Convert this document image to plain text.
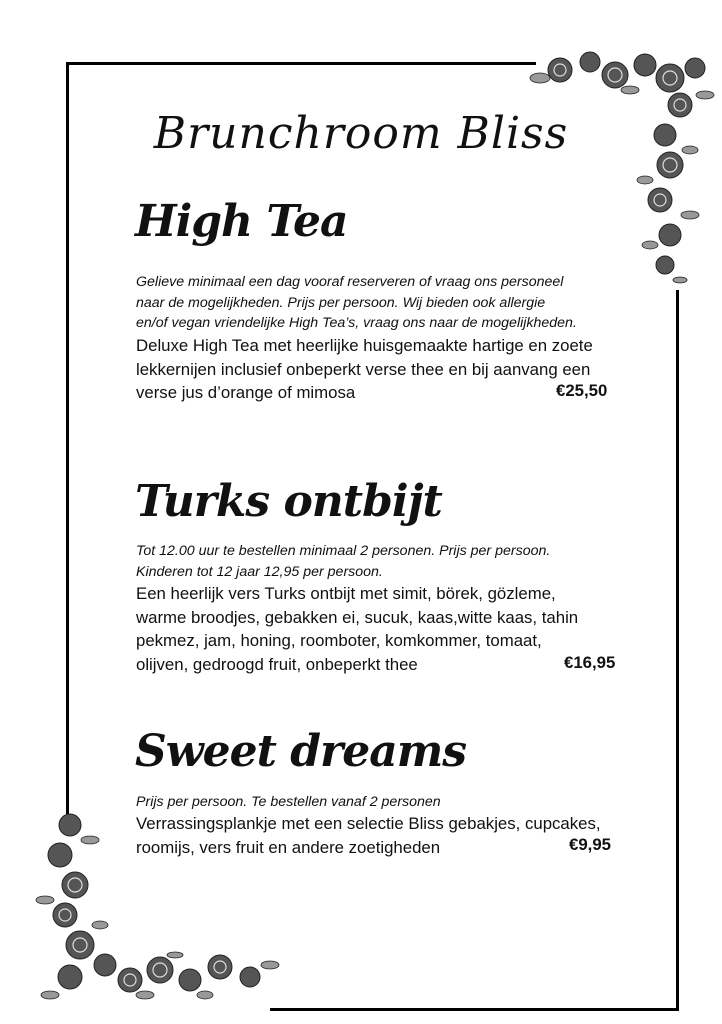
Brunchroom Bliss
High Tea
Gelieve minimaal een dag vooraf reserveren of vraag ons personeel
naar de mogelijkheden. Prijs per persoon. Wij bieden ook allergie
en/of vegan vriendelijke High Tea’s, vraag ons naar de mogelijkheden.
Deluxe High Tea met heerlijke huisgemaakte hartige en zoete
lekkernijen inclusief onbeperkt verse thee en bij aanvang een
verse jus d’orange of mimosa	€25,50
Turks ontbijt
Tot 12.00 uur te bestellen minimaal 2 personen. Prijs per persoon.
Kinderen tot 12 jaar 12,95 per persoon.
Een heerlijk vers Turks ontbijt met simit, börek, gözleme,
warme broodjes, gebakken ei, sucuk, kaas,witte kaas, tahin
pekmez, jam, honing, roomboter, komkommer, tomaat,
olijven, gedroogd fruit, onbeperkt thee	€16,95
Sweet dreams
Prijs per persoon. Te bestellen vanaf 2 personen
Verrassingsplankje met een selectie Bliss gebakjes, cupcakes,
roomijs, vers fruit en andere zoetigheden	€9,95
